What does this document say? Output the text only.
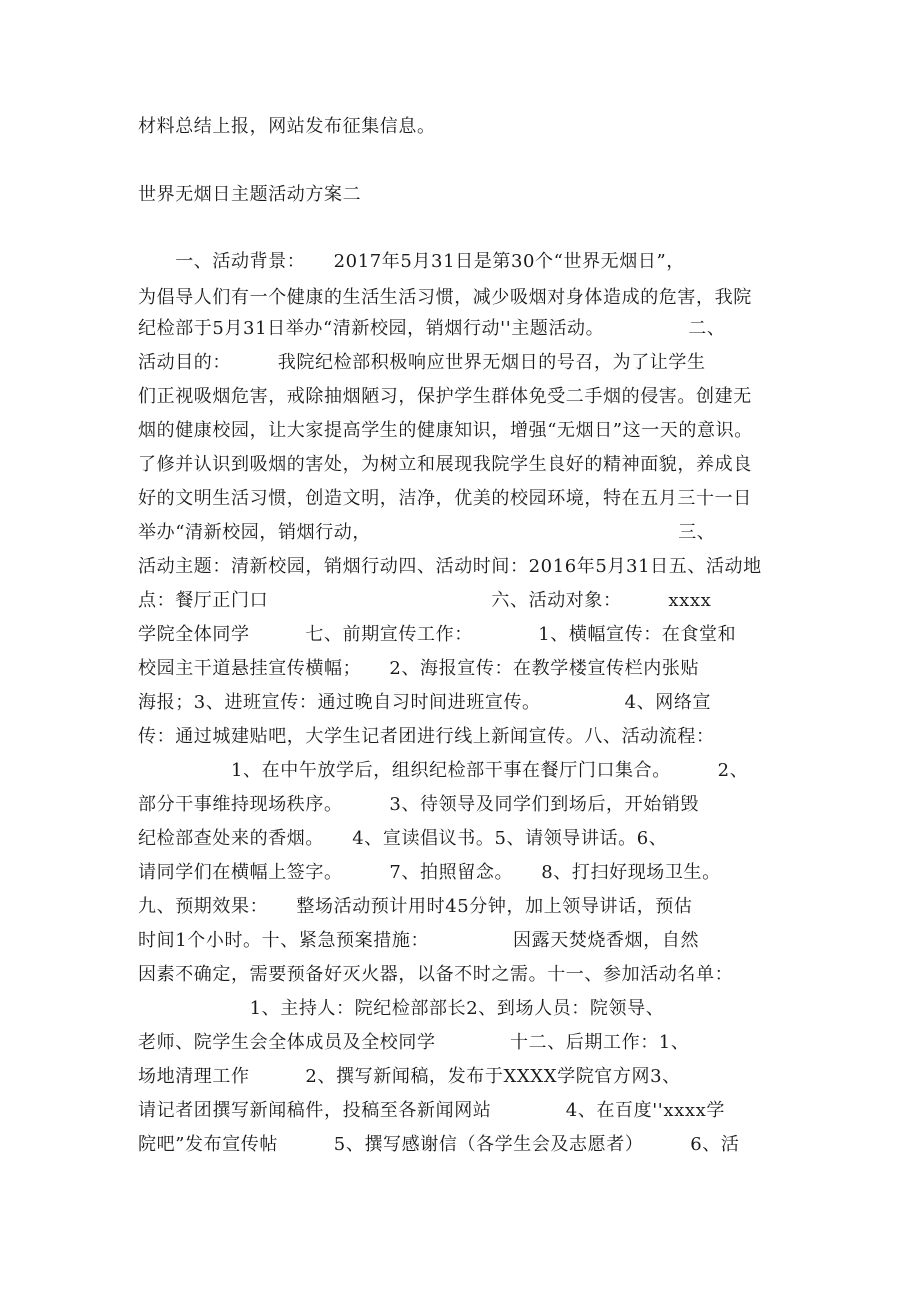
材料总结上报，网站发布征集信息。

世界无烟日主题活动方案二

　　一、活动背景：　　2017年5月31日是第30个“世界无烟日”，

为倡导人们有一个健康的生活生活习惯，减少吸烟对身体造成的危害，我院

纪检部于5月31日举办“清新校园，销烟行动''主题活动。　　　　　二、

活动目的：　　　我院纪检部积极响应世界无烟日的号召，为了让学生

们正视吸烟危害，戒除抽烟陋习，保护学生群体免受二手烟的侵害。创建无

烟的健康校园，让大家提高学生的健康知识，增强“无烟日”这一天的意识。

了修并认识到吸烟的害处，为树立和展现我院学生良好的精神面貌，养成良

好的文明生活习惯，创造文明，洁净，优美的校园环境，特在五月三十一日

举办“清新校园，销烟行动，　　　　　　　　　　　　　　　　　三、

活动主题：清新校园，销烟行动四、活动时间：2016年5月31日五、活动地

点：餐厅正门口　　　　　　　　　　　　六、活动对象：　　　xxxx

学院全体同学　　　七、前期宣传工作：　　　　1、横幅宣传：在食堂和

校园主干道悬挂宣传横幅；　　2、海报宣传：在教学楼宣传栏内张贴

海报；3、进班宣传：通过晚自习时间进班宣传。　　　　　4、网络宣

传：通过城建贴吧，大学生记者团进行线上新闻宣传。八、活动流程：

　　　　　1、在中午放学后，组织纪检部干事在餐厅门口集合。　　　2、

部分干事维持现场秩序。　　　3、待领导及同学们到场后，开始销毁

纪检部查处来的香烟。　　4、宣读倡议书。5、请领导讲话。6、

请同学们在横幅上签字。　　　7、拍照留念。　　8、打扫好现场卫生。

九、预期效果：　　整场活动预计用时45分钟，加上领导讲话，预估

时间1个小时。十、紧急预案措施：　　　　　因露天焚烧香烟，自然

因素不确定，需要预备好灭火器，以备不时之需。十一、参加活动名单：

　　　　　　1、主持人：院纪检部部长2、到场人员：院领导、

老师、院学生会全体成员及全校同学　　　　十二、后期工作：1、

场地清理工作　　　2、撰写新闻稿，发布于XXXX学院官方网3、

请记者团撰写新闻稿件，投稿至各新闻网站　　　　4、在百度''xxxx学

院吧”发布宣传帖　　　5、撰写感谢信（各学生会及志愿者）　　　6、活
